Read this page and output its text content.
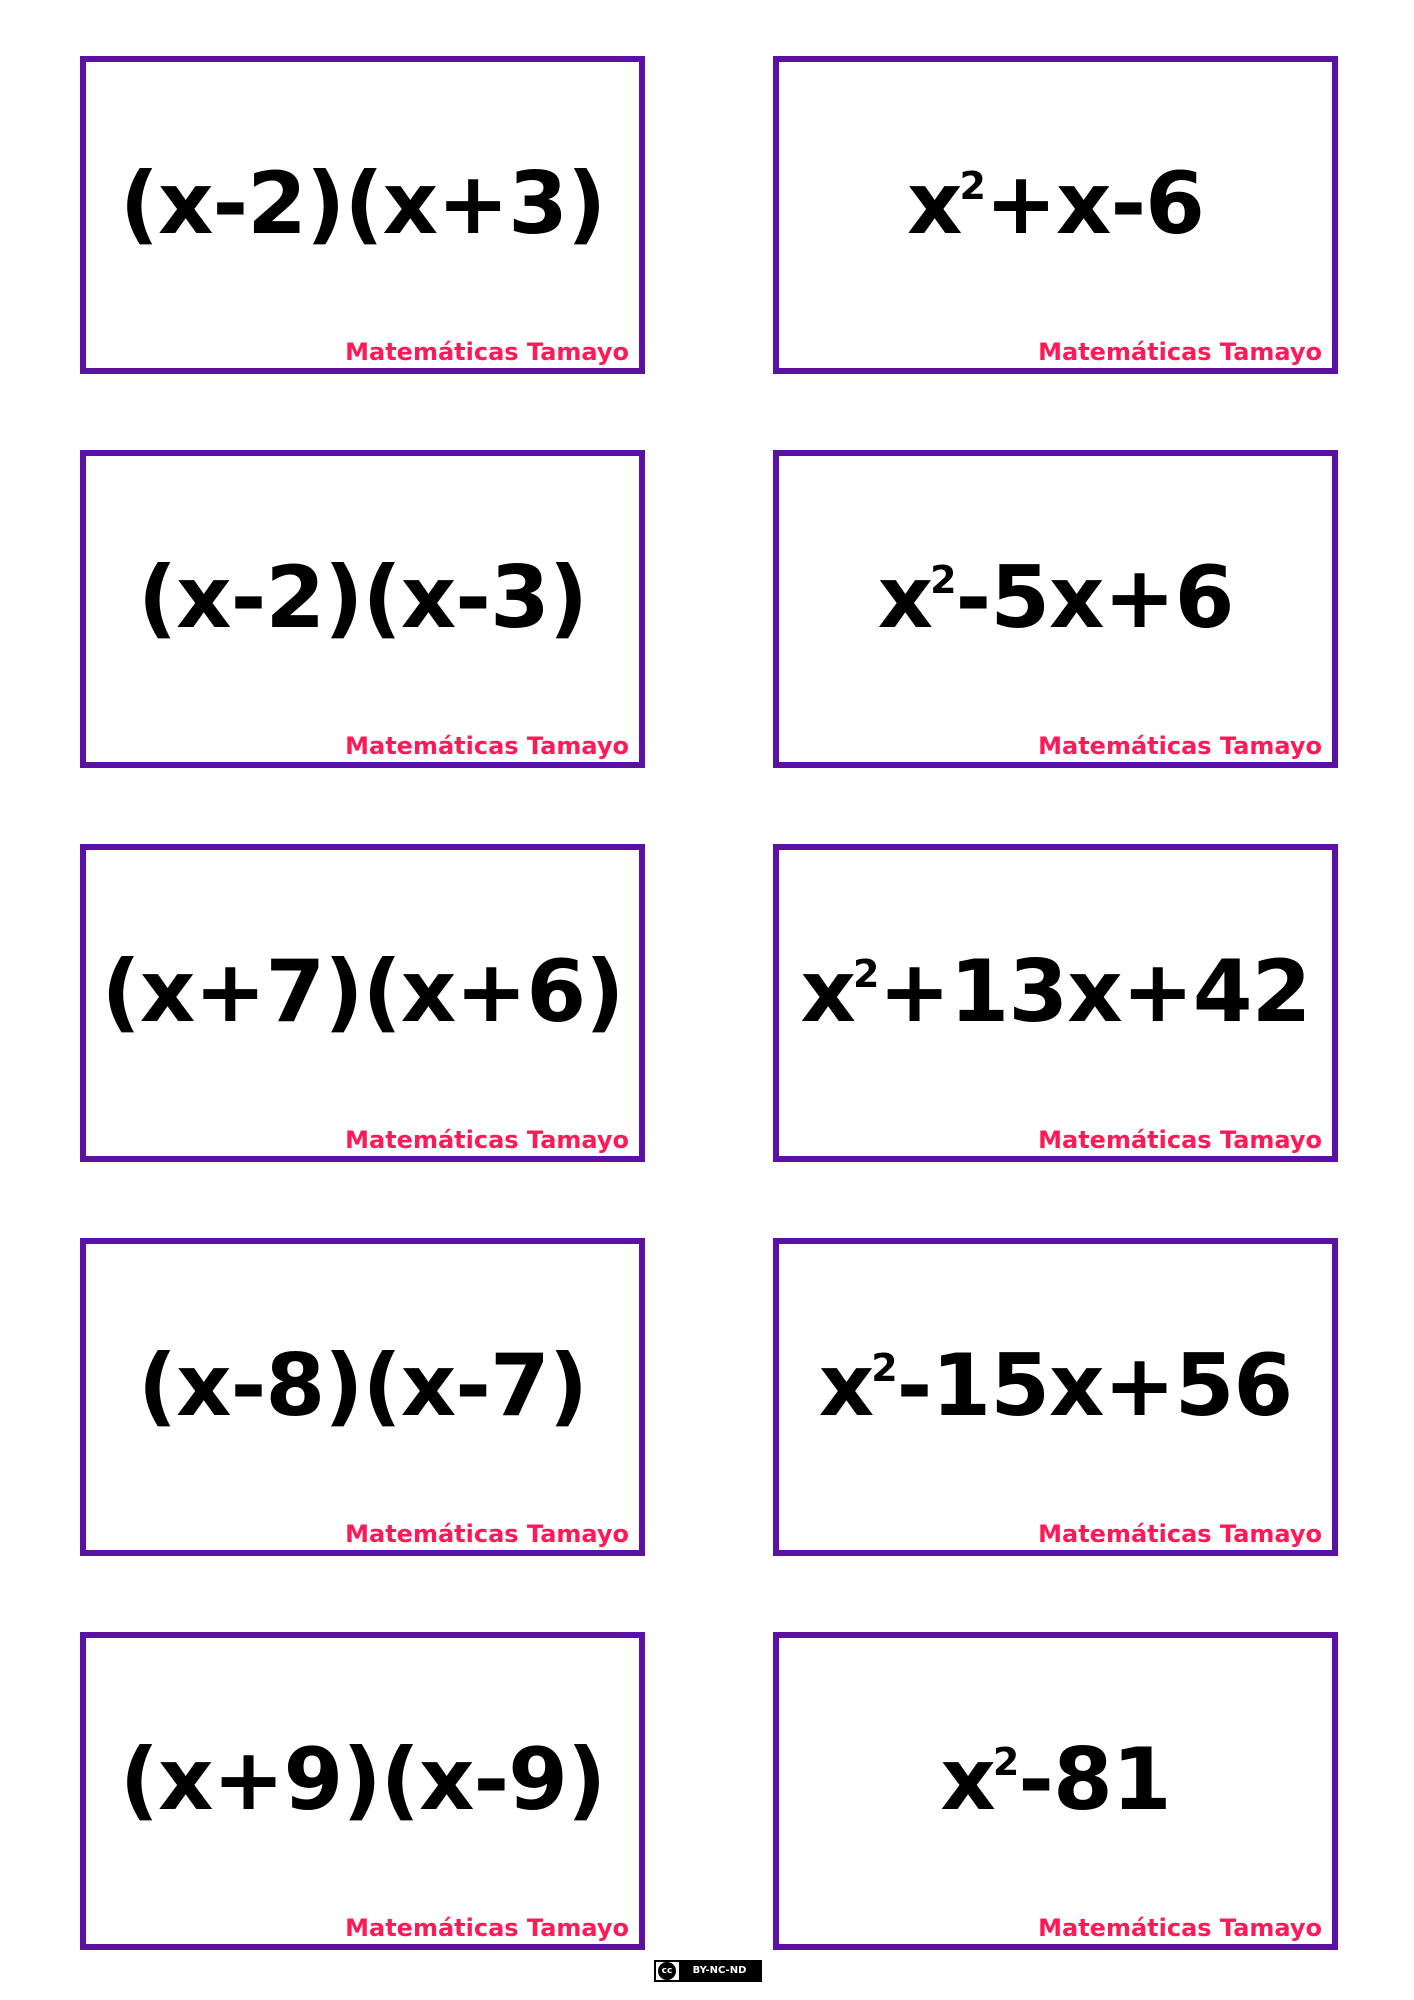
(x-2)(x+3)
Matemáticas Tamayo
$x^2+x-6$
Matemáticas Tamayo
(x-2)(x-3)
Matemáticas Tamayo
$x^2-5x+6$
Matemáticas Tamayo
(x+7)(x+6)
Matemáticas Tamayo
$x^2+13x+42$
Matemáticas Tamayo
(x-8)(x-7)
Matemáticas Tamayo
$x^2-15x+56$
Matemáticas Tamayo
(x+9)(x-9)
Matemáticas Tamayo
$x^2-81$
Matemáticas Tamayo
cc	BY-NC-ND
